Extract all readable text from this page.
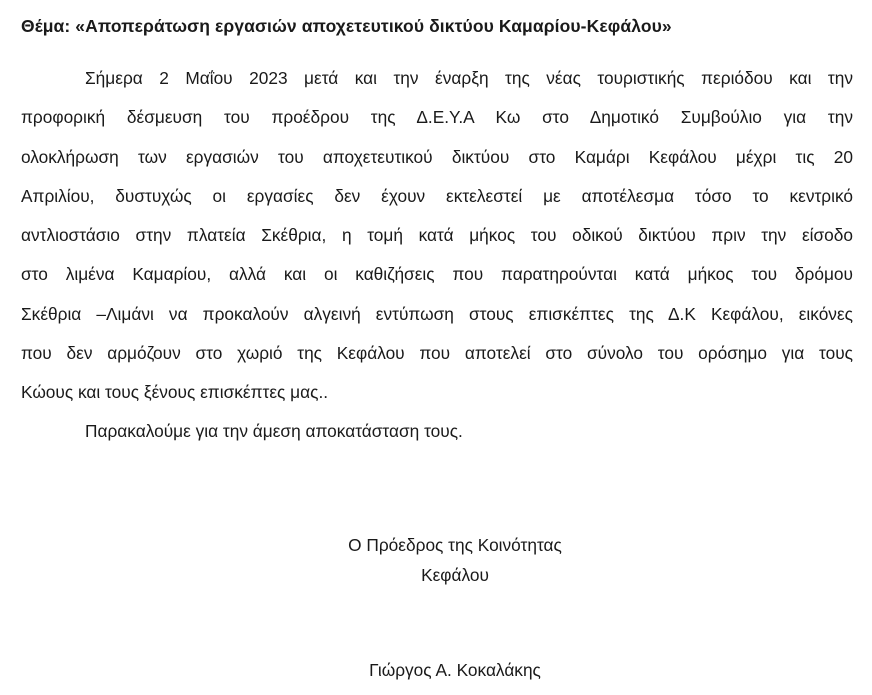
Θέμα: «Αποπεράτωση εργασιών αποχετευτικού δικτύου Καμαρίου-Κεφάλου»
Σήμερα 2 Μαΐου 2023 μετά και την έναρξη της νέας τουριστικής περιόδου και την
προφορική δέσμευση του προέδρου της Δ.Ε.Υ.Α Κω στο Δημοτικό Συμβούλιο για την
ολοκλήρωση των εργασιών του αποχετευτικού δικτύου στο Καμάρι Κεφάλου μέχρι τις 20
Απριλίου, δυστυχώς οι εργασίες δεν έχουν εκτελεστεί με αποτέλεσμα τόσο το κεντρικό
αντλιοστάσιο στην πλατεία Σκέθρια, η τομή κατά μήκος του οδικού δικτύου πριν την είσοδο
στο λιμένα Καμαρίου, αλλά και οι καθιζήσεις που παρατηρούνται κατά μήκος του δρόμου
Σκέθρια –Λιμάνι να προκαλούν αλγεινή εντύπωση στους επισκέπτες της Δ.Κ Κεφάλου, εικόνες
που δεν αρμόζουν στο χωριό της Κεφάλου που αποτελεί στο σύνολο του ορόσημο για τους
Κώους και τους ξένους επισκέπτες μας..
Παρακαλούμε για την άμεση αποκατάσταση τους.
Ο Πρόεδρος της Κοινότητας
Κεφάλου
Γιώργος Α. Κοκαλάκης
